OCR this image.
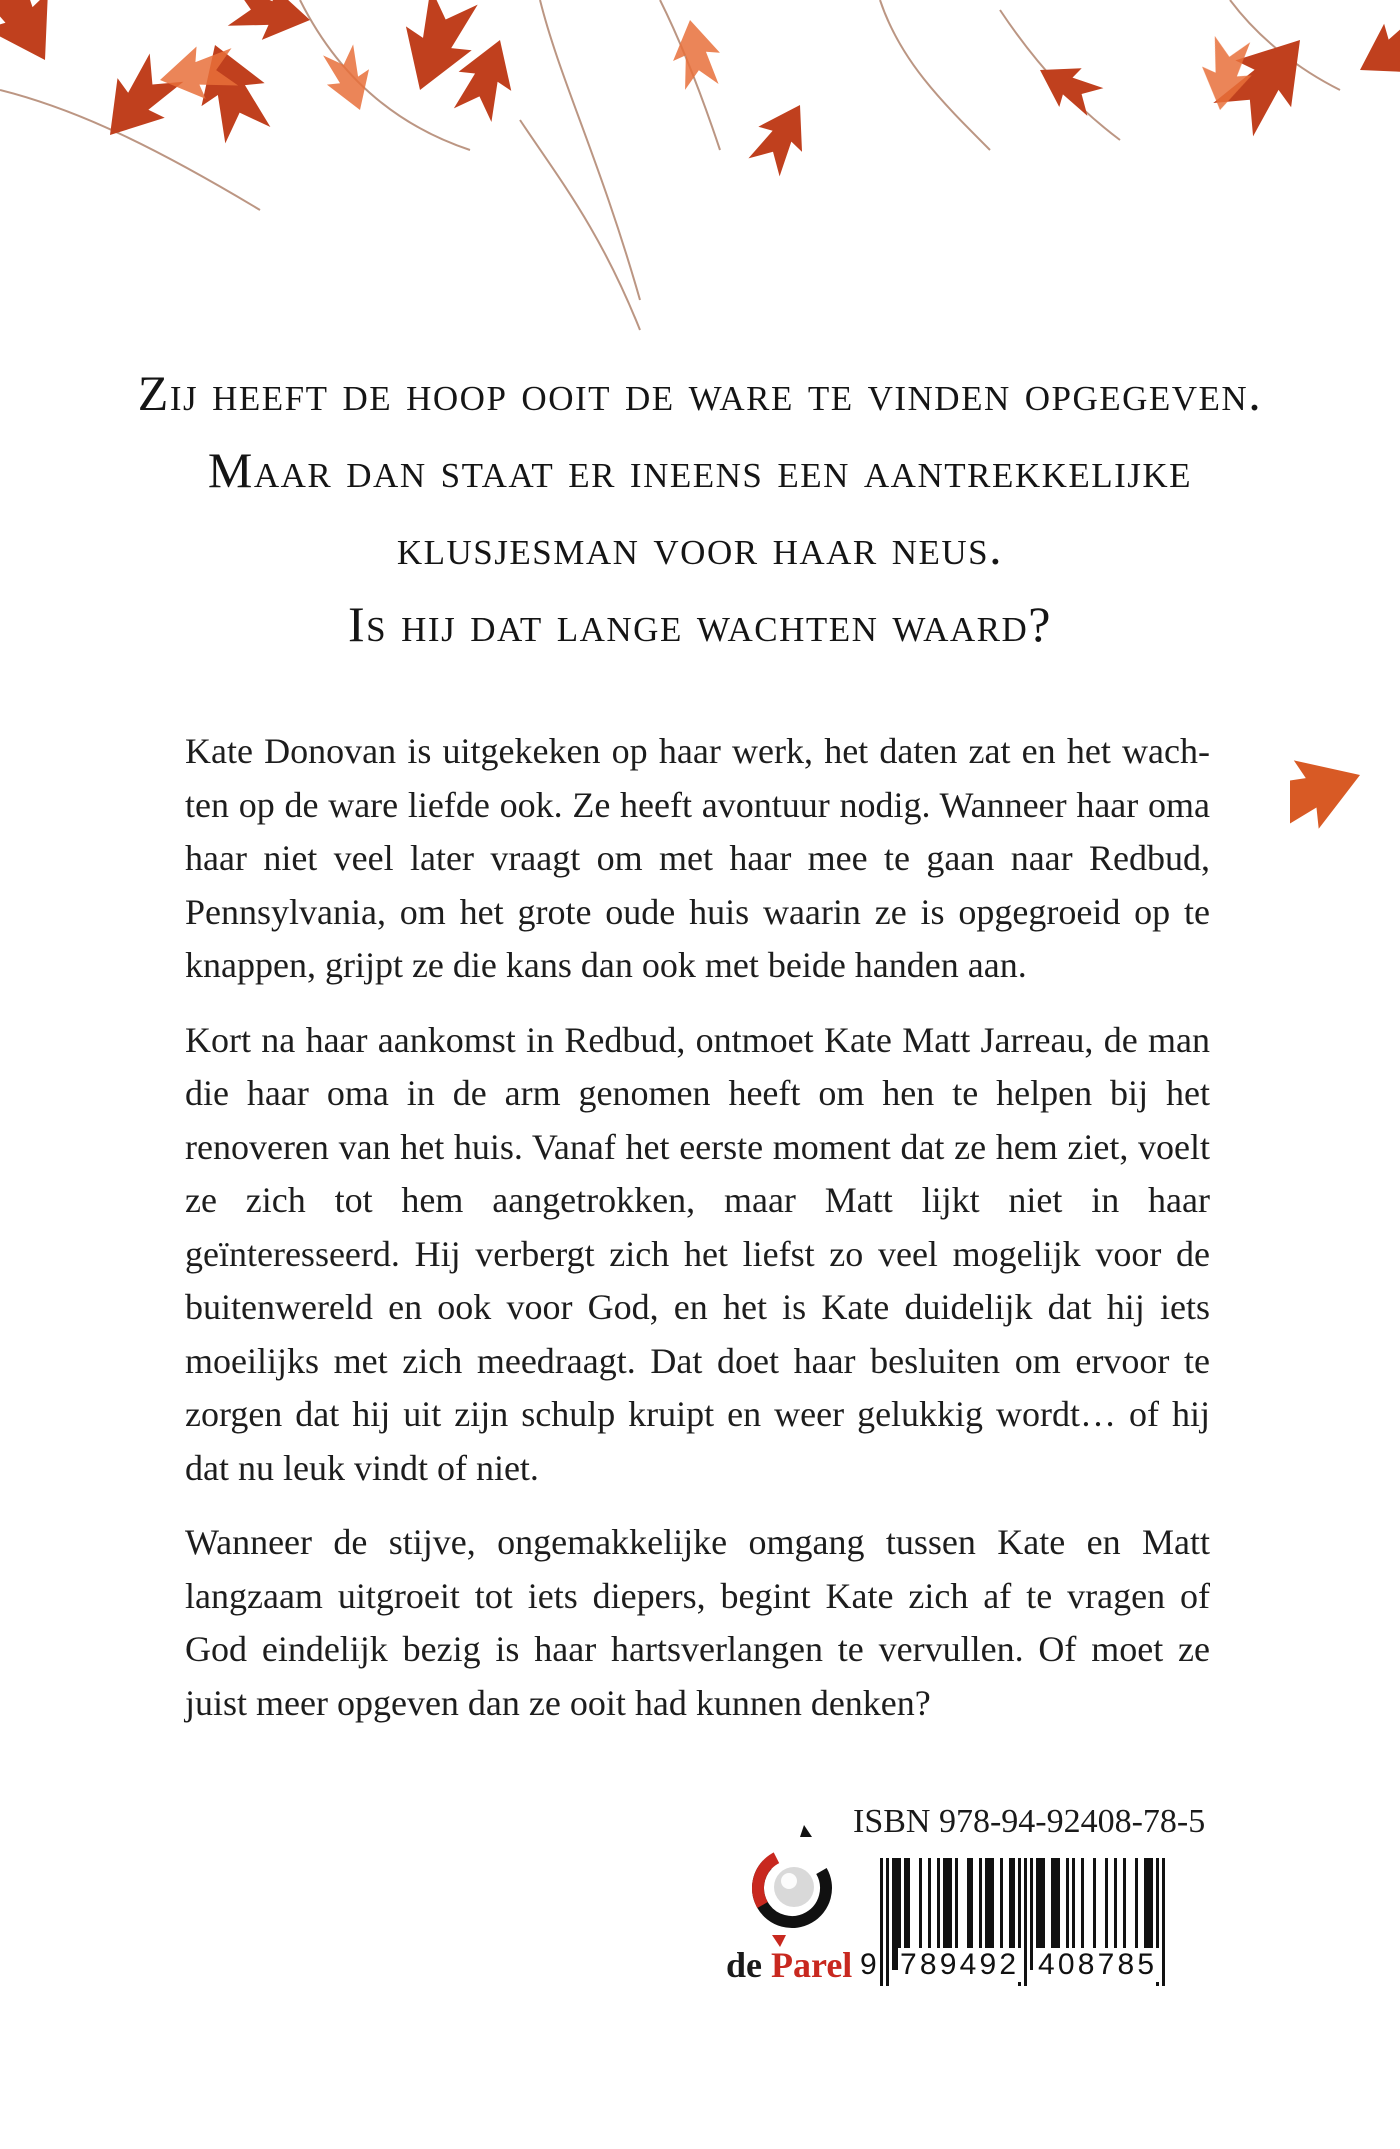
Zij heeft de hoop ooit de ware te vinden opgegeven.
Maar dan staat er ineens een aantrekkelijke
klusjesman voor haar neus.
Is hij dat lange wachten waard?

Kate Donovan is uitgekeken op haar werk, het daten zat en het wachten op de ware liefde ook. Ze heeft avontuur nodig. Wanneer haar oma haar niet veel later vraagt om met haar mee te gaan naar Redbud, Pennsylvania, om het grote oude huis waarin ze is opgegroeid op te knappen, grijpt ze die kans dan ook met beide handen aan.

Kort na haar aankomst in Redbud, ontmoet Kate Matt Jarreau, de man die haar oma in de arm genomen heeft om hen te helpen bij het renoveren van het huis. Vanaf het eerste moment dat ze hem ziet, voelt ze zich tot hem aangetrokken, maar Matt lijkt niet in haar geïnteresseerd. Hij verbergt zich het liefst zo veel mogelijk voor de buitenwereld en ook voor God, en het is Kate duidelijk dat hij iets moeilijks met zich meedraagt. Dat doet haar besluiten om ervoor te zorgen dat hij uit zijn schulp kruipt en weer gelukkig wordt… of hij dat nu leuk vindt of niet.

Wanneer de stijve, ongemakkelijke omgang tussen Kate en Matt langzaam uitgroeit tot iets diepers, begint Kate zich af te vragen of God eindelijk bezig is haar hartsverlangen te vervullen. Of moet ze juist meer opgeven dan ze ooit had kunnen denken?

de Parel
ISBN 978-94-92408-78-5
9 789492 408785
